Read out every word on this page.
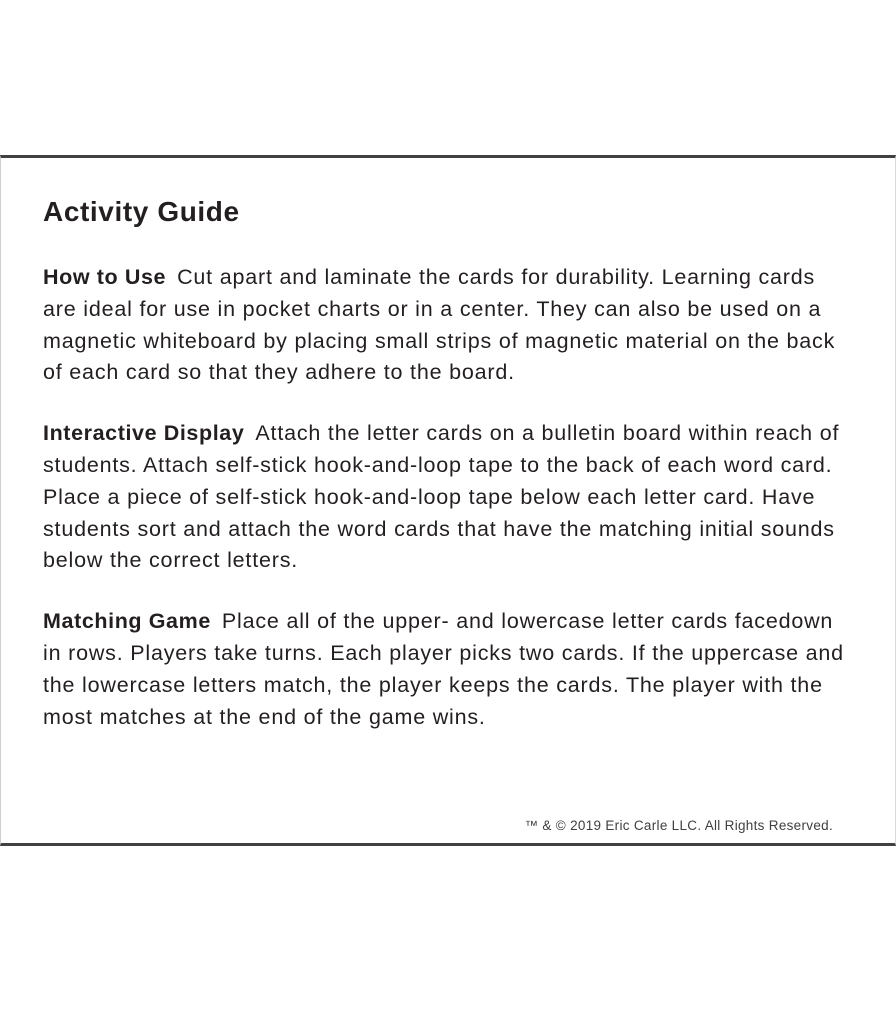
Activity Guide
How to Use Cut apart and laminate the cards for durability. Learning cards are ideal for use in pocket charts or in a center. They can also be used on a magnetic whiteboard by placing small strips of magnetic material on the back of each card so that they adhere to the board.
Interactive Display Attach the letter cards on a bulletin board within reach of students. Attach self-stick hook-and-loop tape to the back of each word card. Place a piece of self-stick hook-and-loop tape below each letter card. Have students sort and attach the word cards that have the matching initial sounds below the correct letters.
Matching Game Place all of the upper- and lowercase letter cards facedown in rows. Players take turns. Each player picks two cards. If the uppercase and the lowercase letters match, the player keeps the cards. The player with the most matches at the end of the game wins.
™ & © 2019 Eric Carle LLC. All Rights Reserved.
